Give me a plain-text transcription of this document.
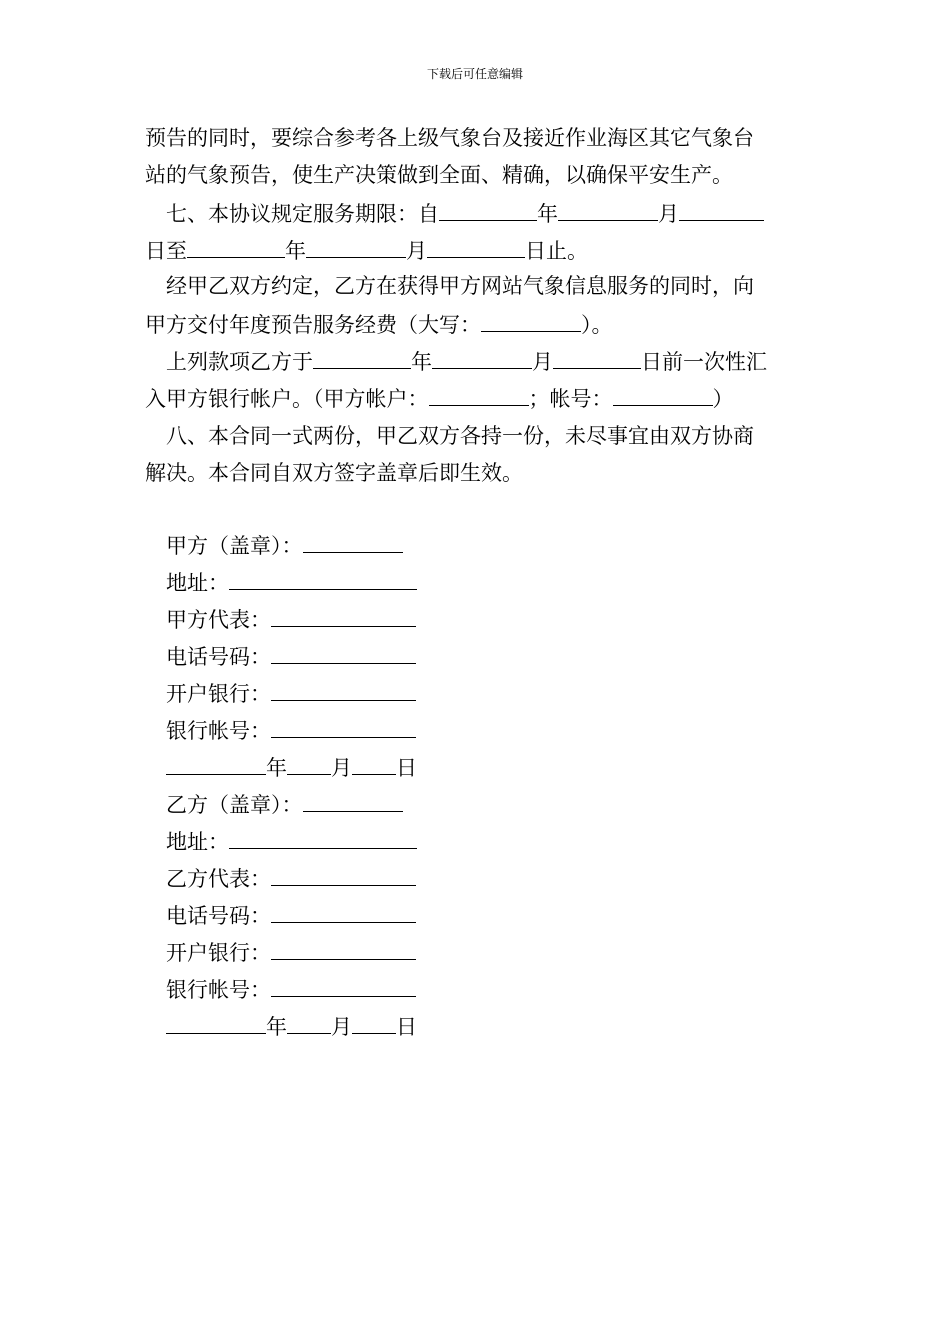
下载后可任意编辑
预告的同时，要综合参考各上级气象台及接近作业海区其它气象台
站的气象预告，使生产决策做到全面、精确，以确保平安生产。
七、本协议规定服务期限：自	年	月
日至	年	月	日止。
经甲乙双方约定，乙方在获得甲方网站气象信息服务的同时，向
甲方交付年度预告服务经费（大写：	）。
上列款项乙方于	年	月	日前一次性汇
入甲方银行帐户。（甲方帐户：	；帐号：	）
八、本合同一式两份，甲乙双方各持一份，未尽事宜由双方协商
解决。本合同自双方签字盖章后即生效。
甲方（盖章）：
地址：
甲方代表：
电话号码：
开户银行：
银行帐号：
年 月 日
乙方（盖章）：
地址：
乙方代表：
电话号码：
开户银行：
银行帐号：
年 月 日
